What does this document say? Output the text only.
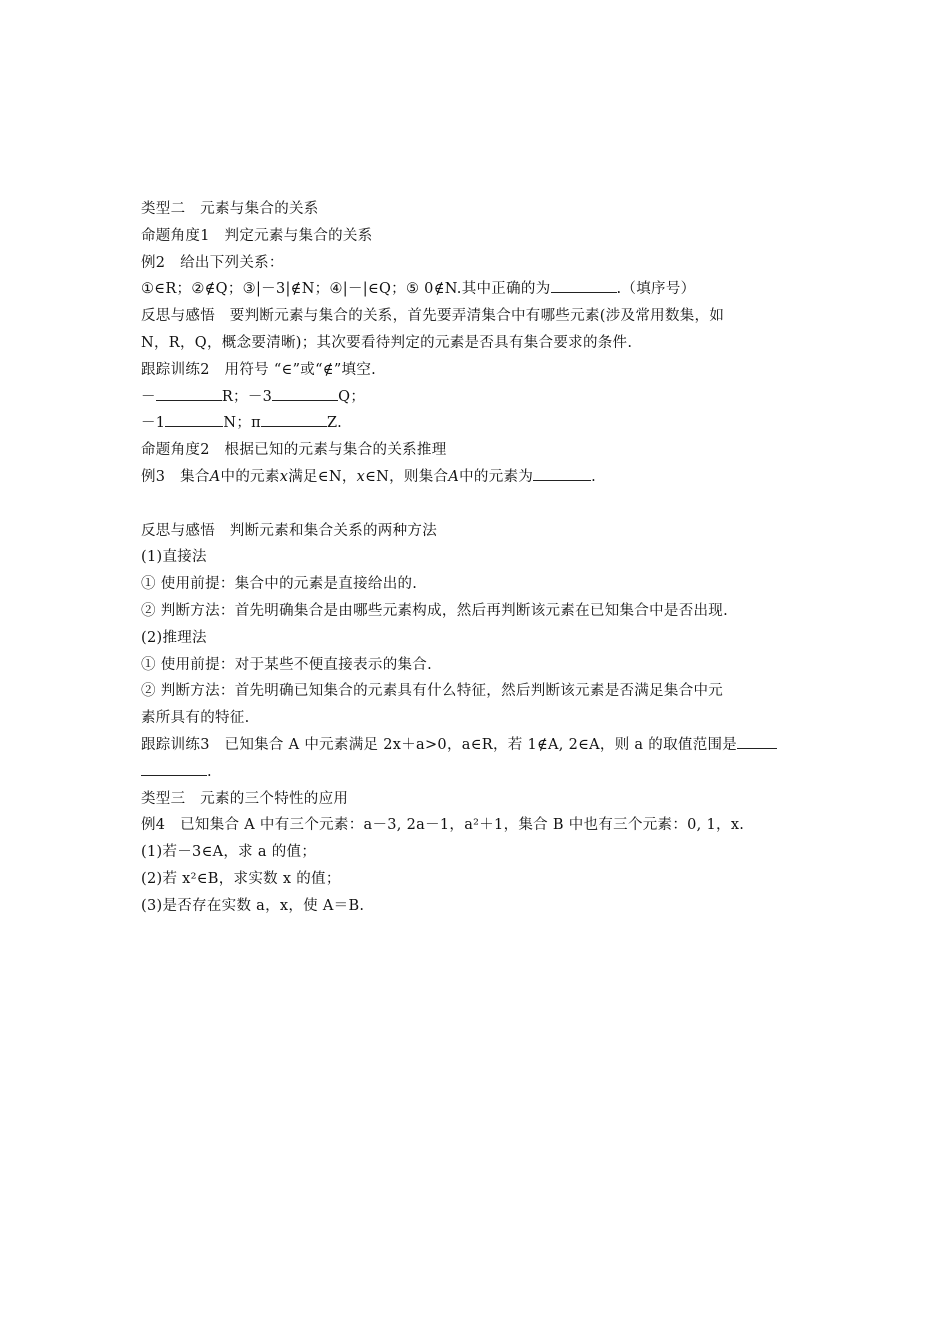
类型二　元素与集合的关系
命题角度1　判定元素与集合的关系
例2　给出下列关系：
①∈R；②∉Q；③|－3|∉N；④|－|∈Q；⑤ 0∉N.其中正确的为	.（填序号）
反思与感悟　要判断元素与集合的关系，首先要弄清集合中有哪些元素(涉及常用数集，如
N，R，Q，概念要清晰)；其次要看待判定的元素是否具有集合要求的条件.
跟踪训练2　用符号 “∈”或“∉”填空.
－	R；－3	Q；
－1	N；π	Z.
命题角度2　根据已知的元素与集合的关系推理
例3　集合A中的元素x满足∈N，x∈N，则集合A中的元素为	.
反思与感悟　判断元素和集合关系的两种方法
(1)直接法
① 使用前提：集合中的元素是直接给出的.
② 判断方法：首先明确集合是由哪些元素构成，然后再判断该元素在已知集合中是否出现.
(2)推理法
① 使用前提：对于某些不便直接表示的集合.
② 判断方法：首先明确已知集合的元素具有什么特征，然后判断该元素是否满足集合中元
素所具有的特征.
跟踪训练3　已知集合 A 中元素满足 2x＋a>0，a∈R，若 1∉A, 2∈A，则 a 的取值范围是
.
类型三　元素的三个特性的应用
例4　已知集合 A 中有三个元素：a－3, 2a－1，a²＋1，集合 B 中也有三个元素：0, 1，x.
(1)若－3∈A，求 a 的值；
(2)若 x²∈B，求实数 x 的值；
(3)是否存在实数 a，x，使 A＝B.
